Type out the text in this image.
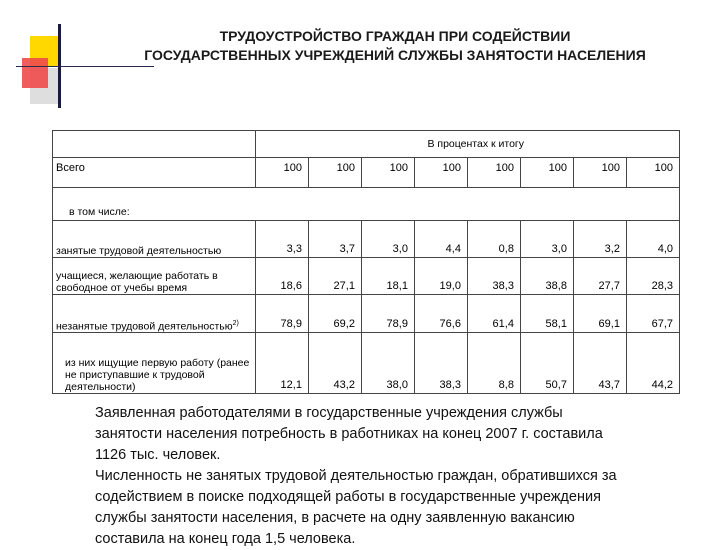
ТРУДОУСТРОЙСТВО ГРАЖДАН ПРИ СОДЕЙСТВИИ
ГОСУДАРСТВЕННЫХ УЧРЕЖДЕНИЙ СЛУЖБЫ ЗАНЯТОСТИ НАСЕЛЕНИЯ
	В процентах к итогу							
Всего	100	100	100	100	100	100	100	100
в том числе:								
занятые трудовой деятельностью	3,3	3,7	3,0	4,4	0,8	3,0	3,2	4,0
учащиеся, желающие работать в свободное от учебы время	18,6	27,1	18,1	19,0	38,3	38,8	27,7	28,3
незанятые трудовой деятельностью$^{2)}$	78,9	69,2	78,9	76,6	61,4	58,1	69,1	67,7
из них ищущие первую работу (ранее не приступавшие к трудовой деятельности)	12,1	43,2	38,0	38,3	8,8	50,7	43,7	44,2
Заявленная работодателями в государственные учреждения службы
занятости населения потребность в работниках на конец 2007 г. составила
1126 тыс. человек.
Численность не занятых трудовой деятельностью граждан, обратившихся за
содействием в поиске подходящей работы в государственные учреждения
службы занятости населения, в расчете на одну заявленную вакансию
составила на конец года 1,5 человека.
